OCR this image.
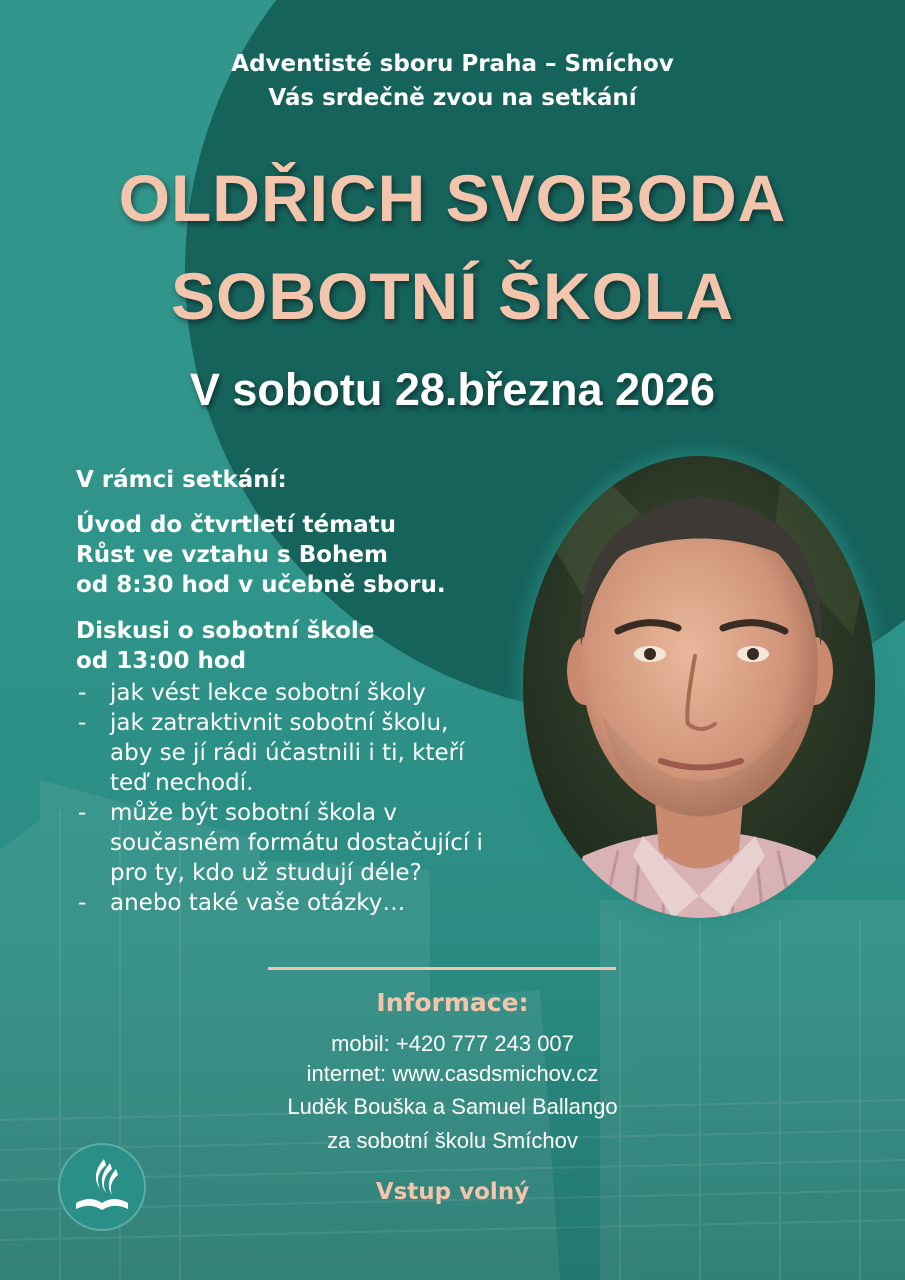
Adventisté sboru Praha – Smíchov
Vás srdečně zvou na setkání
OLDŘICH SVOBODA
SOBOTNÍ ŠKOLA
V sobotu 28.března 2026
V rámci setkání:
Úvod do čtvrtletí tématu
Růst ve vztahu s Bohem
od 8:30 hod v učebně sboru.
Diskusi o sobotní škole
od 13:00 hod
- jak vést lekce sobotní školy
- jak zatraktivnit sobotní školu, aby se jí rádi účastnili i ti, kteří teď nechodí.
- může být sobotní škola v současném formátu dostačující i pro ty, kdo už studují déle?
- anebo také vaše otázky…
Informace:
mobil: +420 777 243 007
internet: www.casdsmichov.cz
Luděk Bouška a Samuel Ballango
za sobotní školu Smíchov
Vstup volný
